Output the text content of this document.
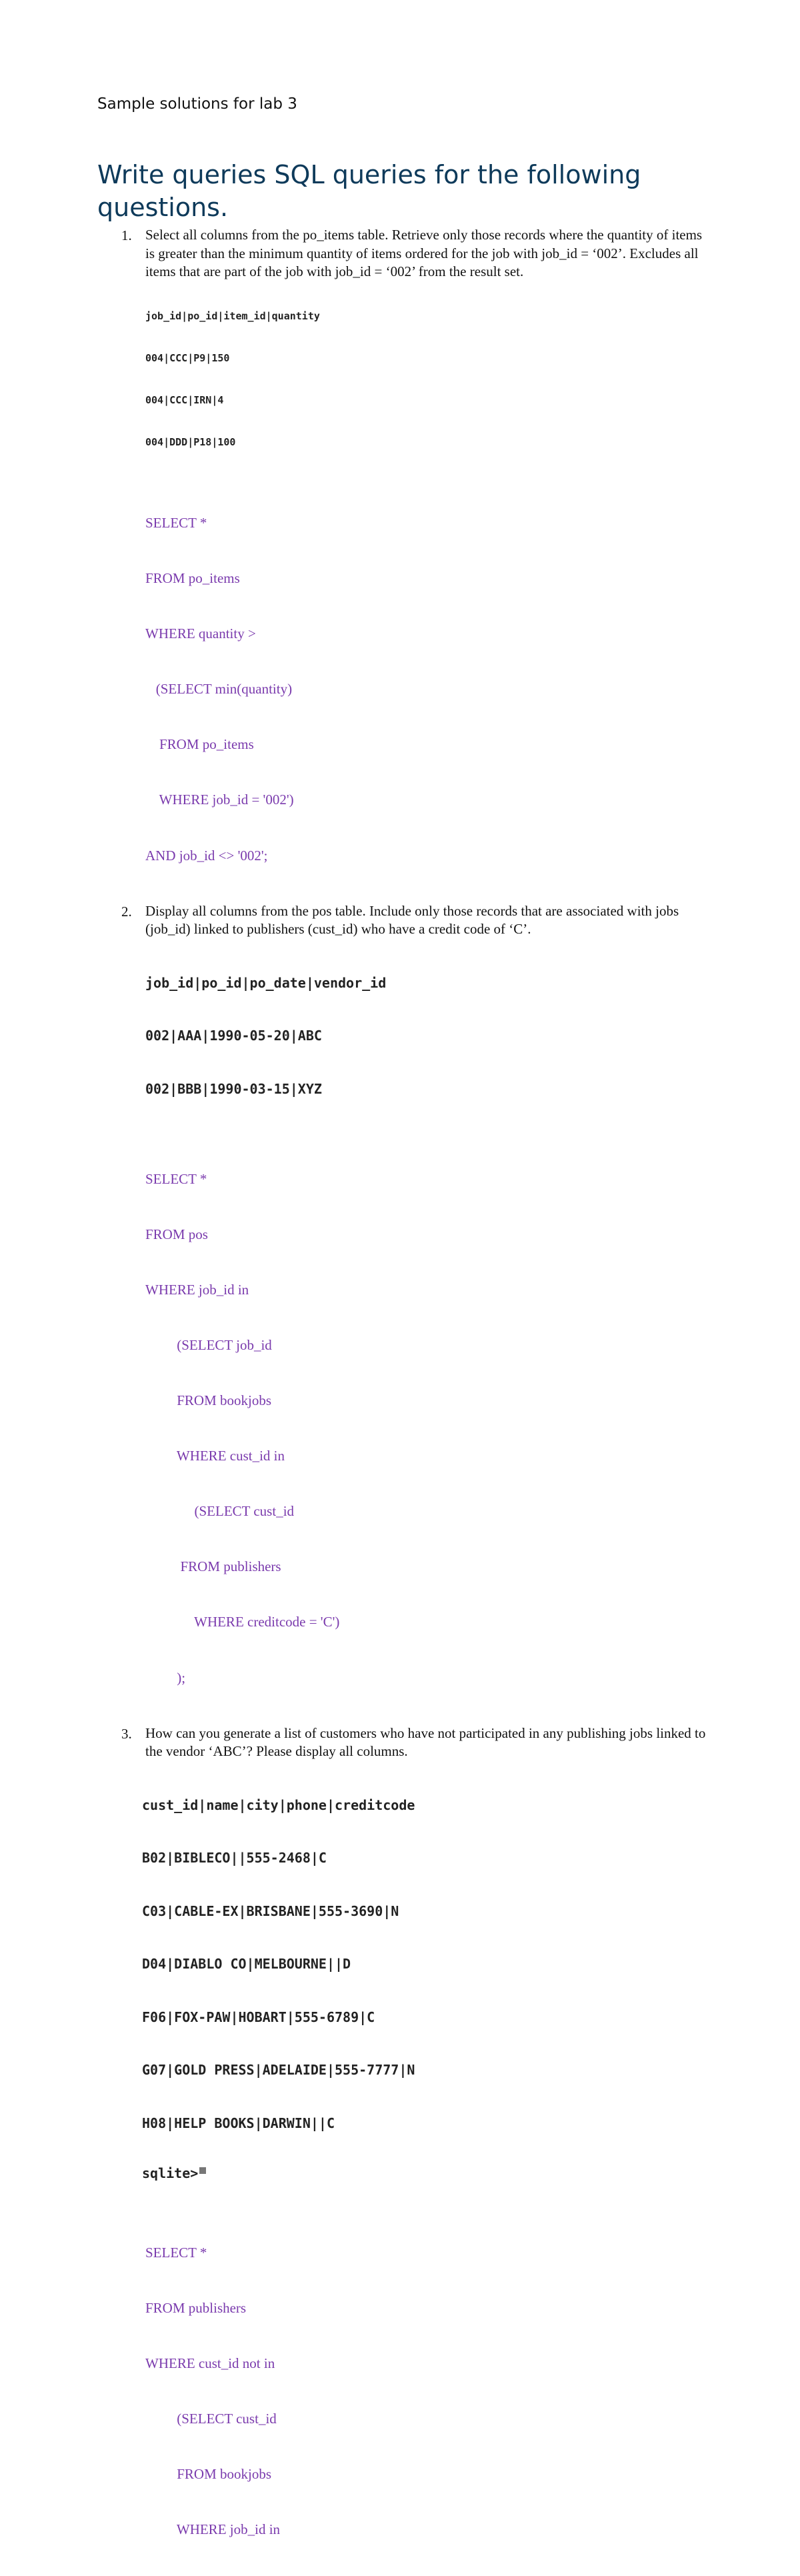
Sample solutions for lab 3
Write queries SQL queries for the following questions.
1. Select all columns from the po_items table. Retrieve only those records where the quantity of items is greater than the minimum quantity of items ordered for the job with job_id = ‘002’. Excludes all items that are part of the job with job_id = ‘002’ from the result set.

job_id|po_id|item_id|quantity

004|CCC|P9|150

004|CCC|IRN|4

004|DDD|P18|100

SELECT *

FROM po_items

WHERE quantity >

(SELECT min(quantity)

FROM po_items

WHERE job_id = '002')

AND job_id <> '002';

2. Display all columns from the pos table. Include only those records that are associated with jobs (job_id) linked to publishers (cust_id) who have a credit code of ‘C’.

job_id|po_id|po_date|vendor_id

002|AAA|1990-05-20|ABC

002|BBB|1990-03-15|XYZ

SELECT *

FROM pos

WHERE job_id in

(SELECT job_id

FROM bookjobs

WHERE cust_id in

(SELECT cust_id

FROM publishers

WHERE creditcode = 'C')

);

3. How can you generate a list of customers who have not participated in any publishing jobs linked to the vendor ‘ABC’? Please display all columns.

cust_id|name|city|phone|creditcode

B02|BIBLECO||555-2468|C

C03|CABLE-EX|BRISBANE|555-3690|N

D04|DIABLO CO|MELBOURNE||D

F06|FOX-PAW|HOBART|555-6789|C

G07|GOLD PRESS|ADELAIDE|555-7777|N

H08|HELP BOOKS|DARWIN||C

sqlite>

SELECT *

FROM publishers

WHERE cust_id not in

(SELECT cust_id

FROM bookjobs

WHERE job_id in
